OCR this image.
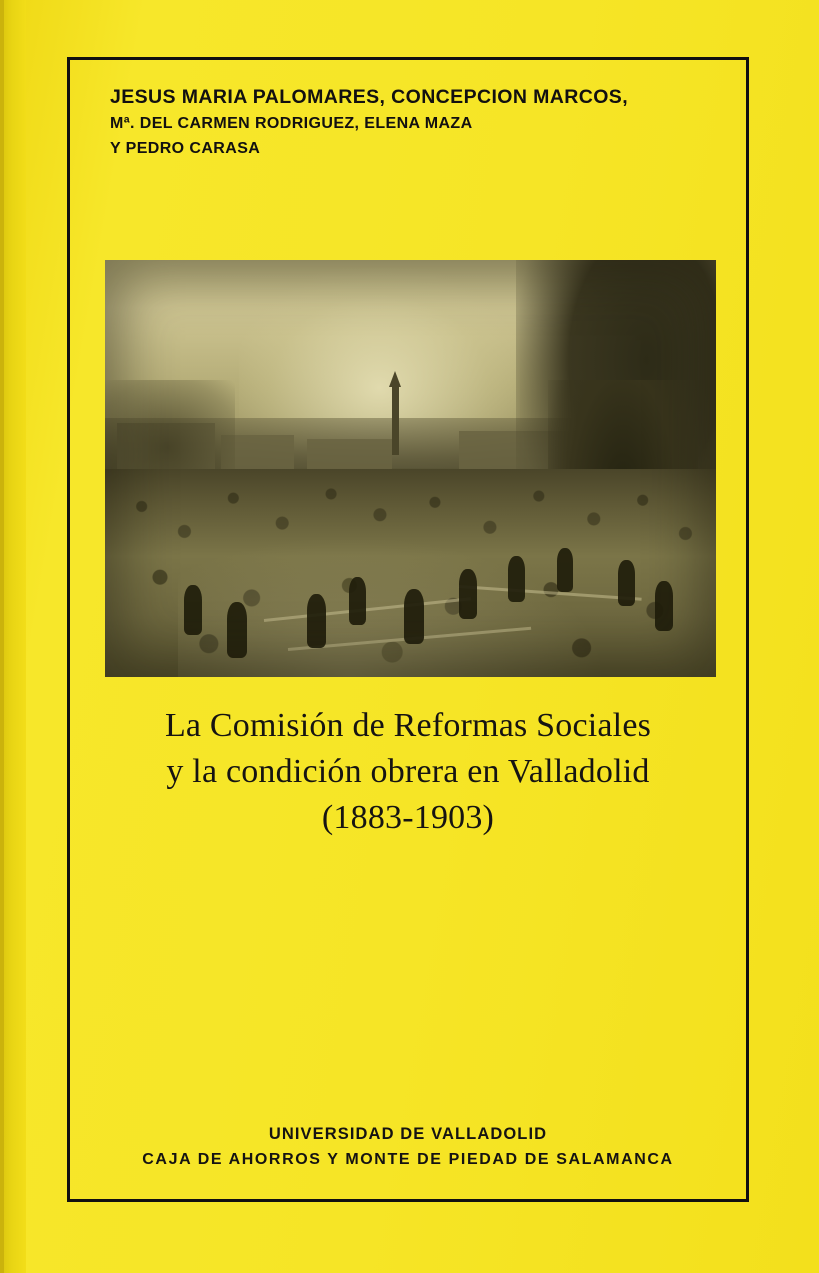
JESUS MARIA PALOMARES, CONCEPCION MARCOS,
Mª. DEL CARMEN RODRIGUEZ, ELENA MAZA
Y PEDRO CARASA
La Comisión de Reformas Sociales
y la condición obrera en Valladolid
(1883-1903)
UNIVERSIDAD DE VALLADOLID
CAJA DE AHORROS Y MONTE DE PIEDAD DE SALAMANCA
